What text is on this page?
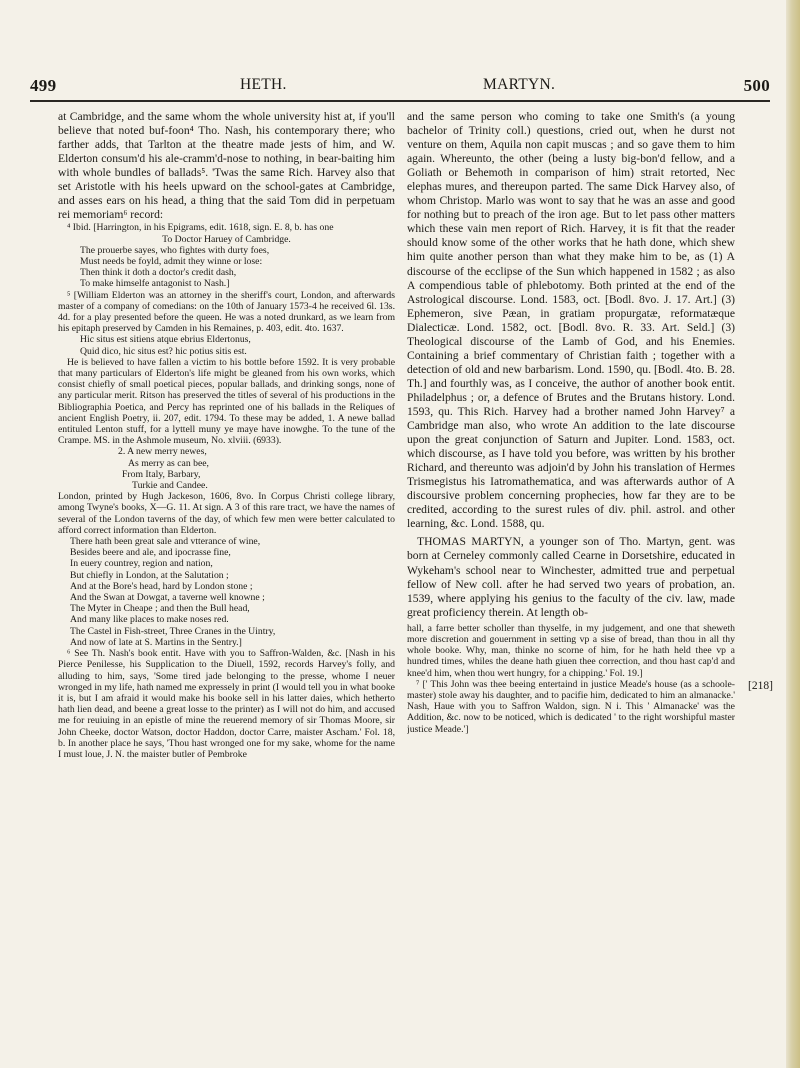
499	HETH.	MARTYN.	500

at Cambridge, and the same whom the whole university hist at, if you'll believe that noted buf-foon⁴ Tho. Nash, his contemporary there; who farther adds, that Tarlton at the theatre made jests of him, and W. Elderton consum'd his ale-cramm'd-nose to nothing, in bear-baiting him with whole bundles of ballads⁵. 'Twas the same Rich. Harvey also that set Aristotle with his heels upward on the school-gates at Cambridge, and asses ears on his head, a thing that the said Tom did in perpetuam rei memoriam⁶ record:

⁴ Ibid. [Harrington, in his Epigrams, edit. 1618, sign. E. 8, b. has one

To Doctor Haruey of Cambridge.

The prouerbe sayes, who fightes with durty foes,

Must needs be foyld, admit they winne or lose:

Then think it doth a doctor's credit dash,

To make himselfe antagonist to Nash.]

⁵ [William Elderton was an attorney in the sheriff's court, London, and afterwards master of a company of comedians: on the 10th of January 1573-4 he received 6l. 13s. 4d. for a play presented before the queen. He was a noted drunkard, as we learn from his epitaph preserved by Camden in his Remaines, p. 403, edit. 4to. 1637.

Hic situs est sitiens atque ebrius Eldertonus,

Quid dico, hic situs est? hic potius sitis est.

He is believed to have fallen a victim to his bottle before 1592. It is very probable that many particulars of Elderton's life might be gleaned from his own works, which consist chiefly of small poetical pieces, popular ballads, and drinking songs, none of any particular merit. Ritson has preserved the titles of several of his productions in the Bibliographia Poetica, and Percy has reprinted one of his ballads in the Reliques of ancient English Poetry, ii. 207, edit. 1794. To these may be added, 1. A newe ballad entituled Lenton stuff, for a lyttell muny ye maye have inowghe. To the tune of the Crampe. MS. in the Ashmole museum, No. xlviii. (6933).

2. A new merry newes,

As merry as can bee,

From Italy, Barbary,

Turkie and Candee.

London, printed by Hugh Jackeson, 1606, 8vo. In Corpus Christi college library, among Twyne's books, X—G. 11. At sign. A 3 of this rare tract, we have the names of several of the London taverns of the day, of which few men were better calculated to afford correct information than Elderton.

There hath been great sale and vtterance of wine,

Besides beere and ale, and ipocrasse fine,

In euery countrey, region and nation,

But chiefly in London, at the Salutation ;

And at the Bore's head, hard by London stone ;

And the Swan at Dowgat, a taverne well knowne ;

The Myter in Cheape ; and then the Bull head,

And many like places to make noses red.

The Castel in Fish-street, Three Cranes in the Uintry,

And now of late at S. Martins in the Sentry.]

⁶ See Th. Nash's book entit. Have with you to Saffron-Walden, &c. [Nash in his Pierce Penilesse, his Supplication to the Diuell, 1592, records Harvey's folly, and alluding to him, says, 'Some tired jade belonging to the presse, whome I neuer wronged in my life, hath named me expressely in print (I would tell you in what booke it is, but I am afraid it would make his booke sell in his latter daies, which hetherto hath lien dead, and beene a great losse to the printer) as I will not do him, and accused me for reuiuing in an epistle of mine the reuerend memory of sir Thomas Moore, sir John Cheeke, doctor Watson, doctor Haddon, doctor Carre, maister Ascham.' Fol. 18, b. In another place he says, 'Thou hast wronged one for my sake, whome for the name I must loue, J. N. the maister butler of Pembroke

and the same person who coming to take one Smith's (a young bachelor of Trinity coll.) questions, cried out, when he durst not venture on them, Aquila non capit muscas ; and so gave them to him again. Whereunto, the other (being a lusty big-bon'd fellow, and a Goliath or Behemoth in comparison of him) strait retorted, Nec elephas mures, and thereupon parted. The same Dick Harvey also, of whom Christop. Marlo was wont to say that he was an asse and good for nothing but to preach of the iron age. But to let pass other matters which these vain men report of Rich. Harvey, it is fit that the reader should know some of the other works that he hath done, which shew him quite another person than what they make him to be, as (1) A discourse of the ecclipse of the Sun which happened in 1582 ; as also A compendious table of phlebotomy. Both printed at the end of the Astrological discourse. Lond. 1583, oct. [Bodl. 8vo. J. 17. Art.] (3) Ephemeron, sive Pæan, in gratiam propurgatæ, reformatæque Dialecticæ. Lond. 1582, oct. [Bodl. 8vo. R. 33. Art. Seld.] (3) Theological discourse of the Lamb of God, and his Enemies. Containing a brief commentary of Christian faith ; together with a detection of old and new barbarism. Lond. 1590, qu. [Bodl. 4to. B. 28. Th.] and fourthly was, as I conceive, the author of another book entit. Philadelphus ; or, a defence of Brutes and the Brutans history. Lond. 1593, qu. This Rich. Harvey had a brother named John Harvey⁷ a Cambridge man also, who wrote An addition to the late discourse upon the great conjunction of Saturn and Jupiter. Lond. 1583, oct. which discourse, as I have told you before, was written by his brother Richard, and thereunto was adjoin'd by John his translation of Hermes Trismegistus his Iatromathematica, and was afterwards author of A discoursive problem concerning prophecies, how far they are to be credited, according to the surest rules of div. phil. astrol. and other learning, &c. Lond. 1588, qu.

THOMAS MARTYN, a younger son of Tho. Martyn, gent. was born at Cerneley commonly called Cearne in Dorsetshire, educated in Wykeham's school near to Winchester, admitted true and perpetual fellow of New coll. after he had served two years of probation, an. 1539, where applying his genius to the faculty of the civ. law, made great proficiency therein. At length ob-

hall, a farre better scholler than thyselfe, in my judgement, and one that sheweth more discretion and gouernment in setting vp a sise of bread, than thou in all thy whole booke. Why, man, thinke no scorne of him, for he hath held thee vp a hundred times, whiles the deane hath giuen thee correction, and thou hast cap'd and knee'd him, when thou wert hungry, for a chipping.' Fol. 19.]

⁷ [' This John was thee beeing entertaind in justice Meade's house (as a schoole-master) stole away his daughter, and to pacifie him, dedicated to him an almanacke.' Nash, Haue with you to Saffron Waldon, sign. N i. This ' Almanacke' was the Addition, &c. now to be noticed, which is dedicated ' to the right worshipful master justice Meade.']

[218]
